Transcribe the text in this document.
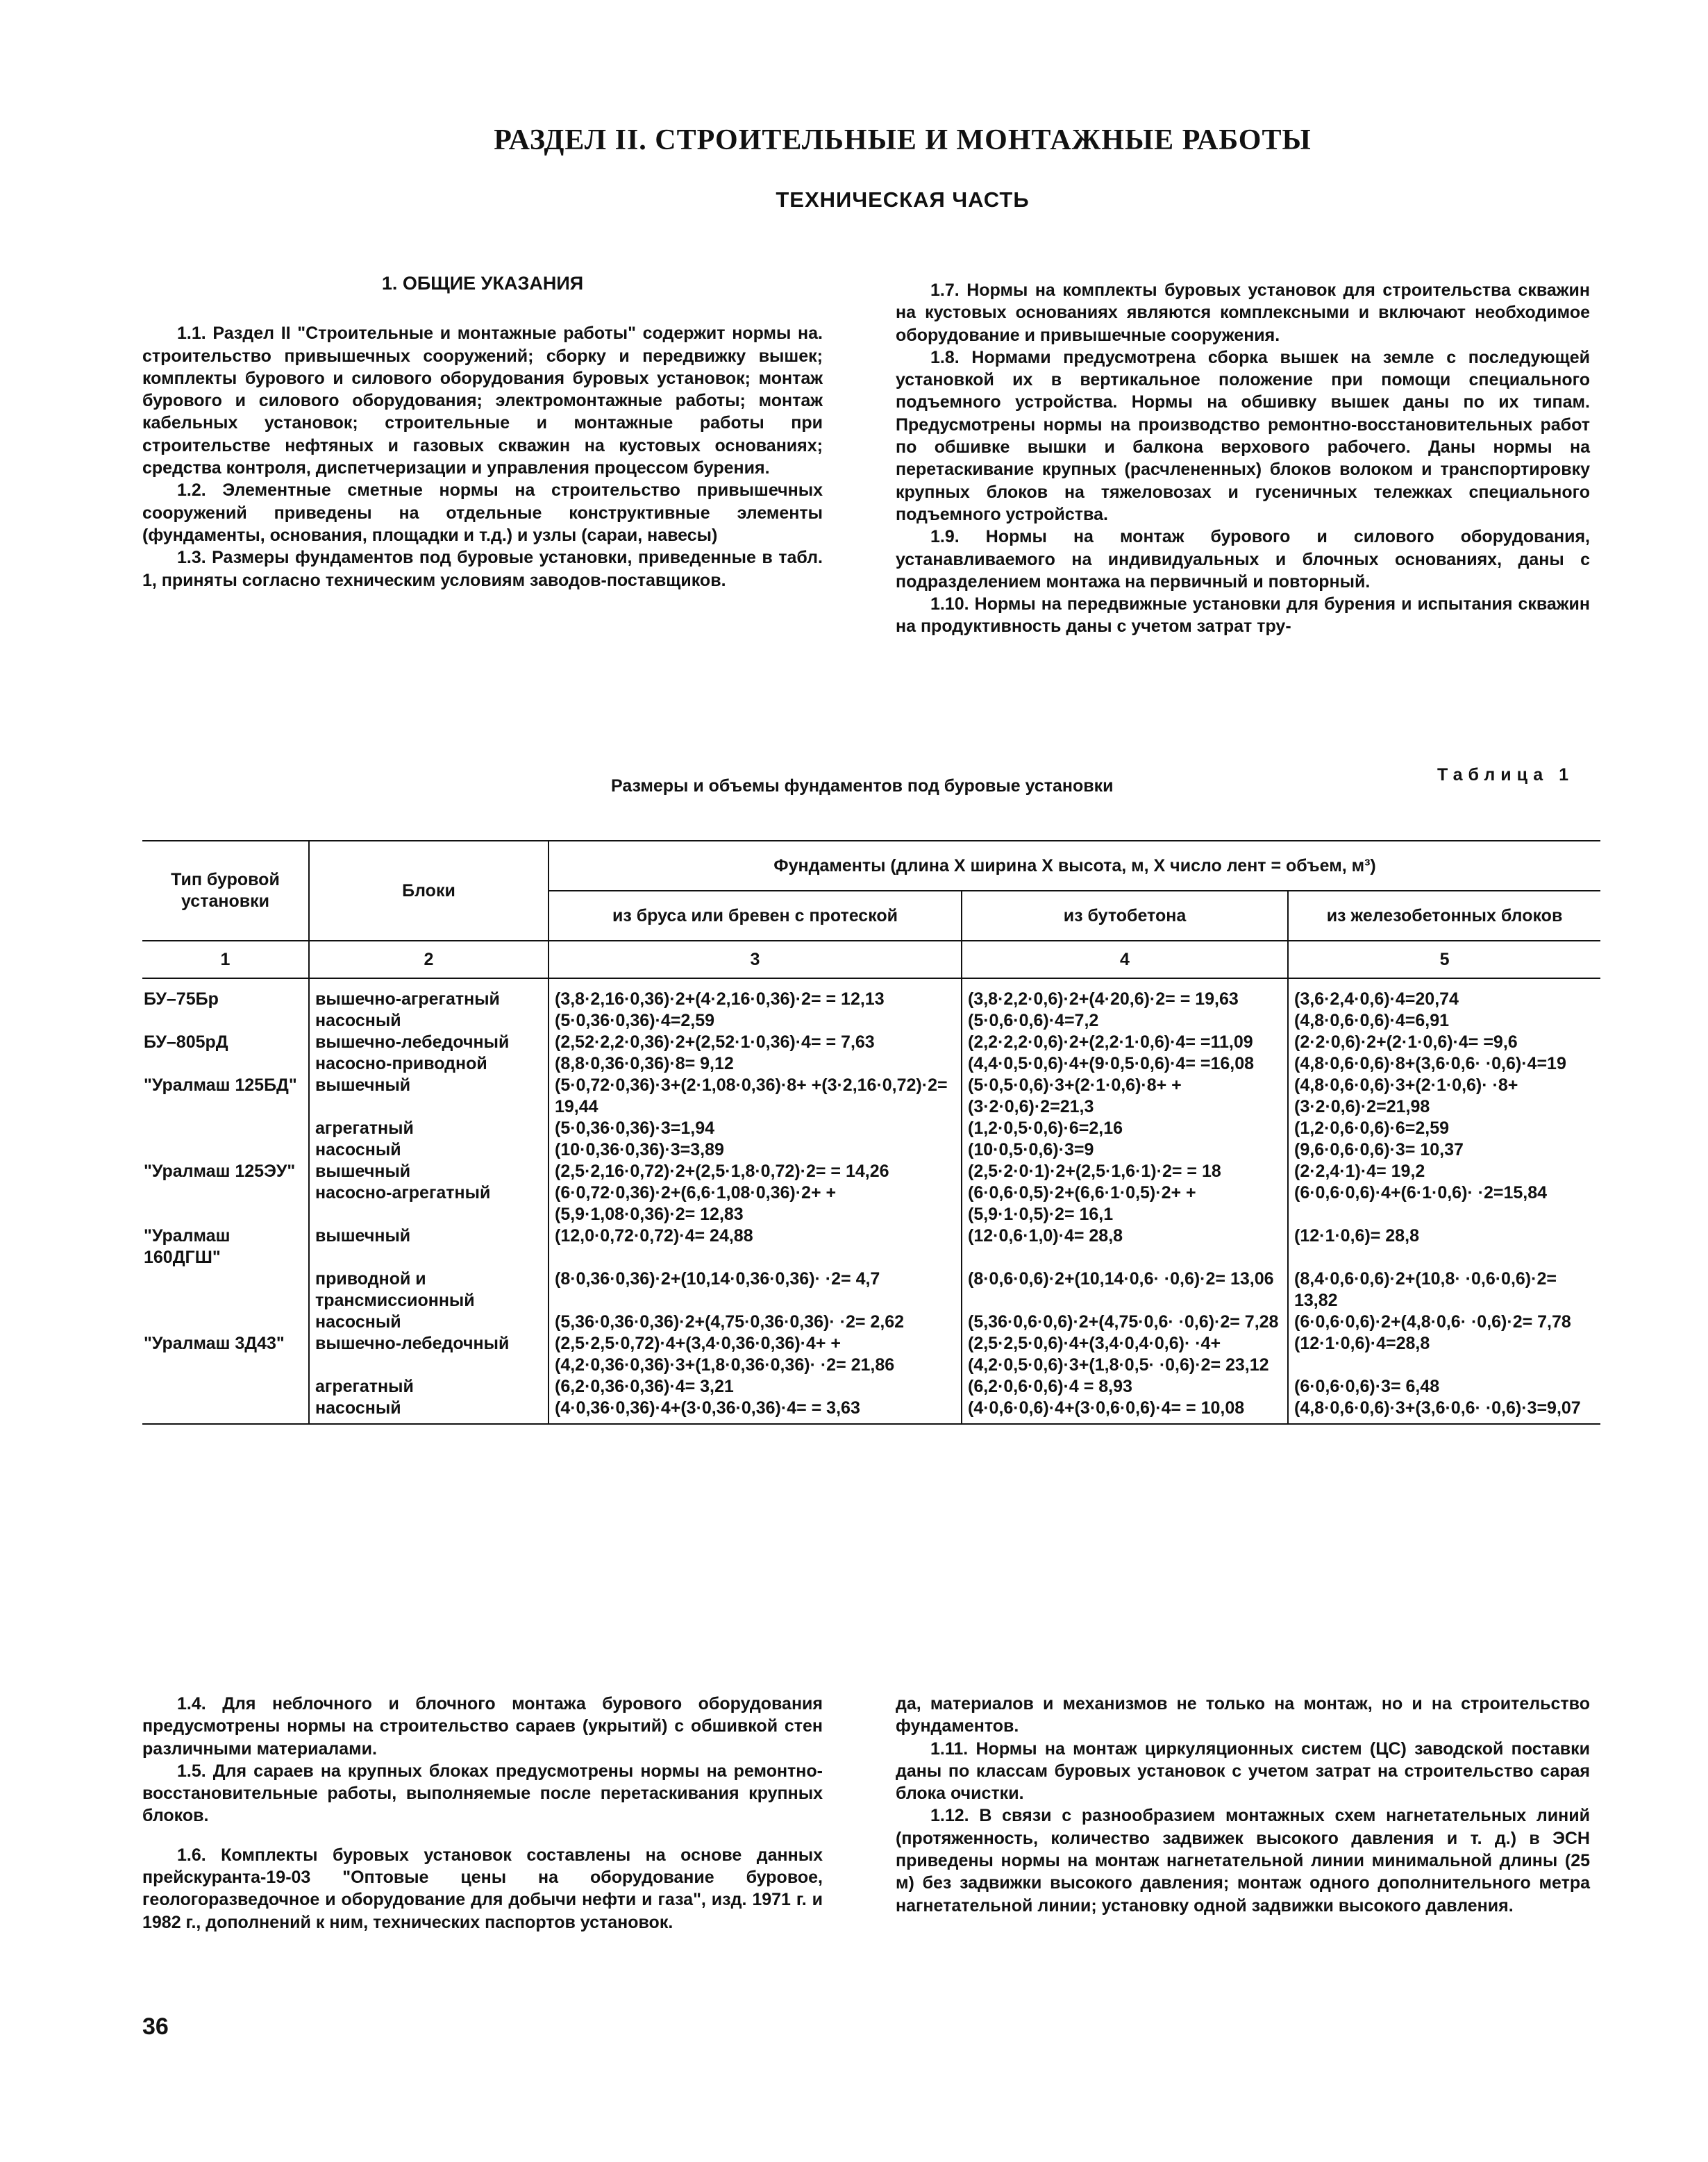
РАЗДЕЛ II. СТРОИТЕЛЬНЫЕ И МОНТАЖНЫЕ РАБОТЫ
ТЕХНИЧЕСКАЯ ЧАСТЬ

1. ОБЩИЕ УКАЗАНИЯ

1.1. Раздел II "Строительные и монтажные работы" содержит нормы на. строительство привышечных сооружений; сборку и передвижку вышек; комплекты бурового и силового оборудования буровых установок; монтаж бурового и силового оборудования; электромонтажные работы; монтаж кабельных установок; строительные и монтажные работы при строительстве нефтяных и газовых скважин на кустовых основаниях; средства контроля, диспетчеризации и управления процессом бурения.

1.2. Элементные сметные нормы на строительство привышечных сооружений приведены на отдельные конструктивные элементы (фундаменты, основания, площадки и т.д.) и узлы (сараи, навесы)

1.3. Размеры фундаментов под буровые установки, приведенные в табл. 1, приняты согласно техническим условиям заводов-поставщиков.

1.7. Нормы на комплекты буровых установок для строительства скважин на кустовых основаниях являются комплексными и включают необходимое оборудование и привышечные сооружения.

1.8. Нормами предусмотрена сборка вышек на земле с последующей установкой их в вертикальное положение при помощи специального подъемного устройства. Нормы на обшивку вышек даны по их типам. Предусмотрены нормы на производство ремонтно-восстановительных работ по обшивке вышки и балкона верхового рабочего. Даны нормы на перетаскивание крупных (расчлененных) блоков волоком и транспортировку крупных блоков на тяжеловозах и гусеничных тележках специального подъемного устройства.

1.9. Нормы на монтаж бурового и силового оборудования, устанавливаемого на индивидуальных и блочных основаниях, даны с подразделением монтажа на первичный и повторный.

1.10. Нормы на передвижные установки для бурения и испытания скважин на продуктивность даны с учетом затрат тру-

Таблица 1
Размеры и объемы фундаментов под буровые установки
Тип буровой установки	Блоки	Фундаменты (длина X ширина X высота, м, X число лент = объем, м³)		
		из бруса или бревен с протеской	из бутобетона	из железобетонных блоков
1	2	3	4	5
БУ–75Бр	вышечно-агрегатный	(3,8·2,16·0,36)·2+(4·2,16·0,36)·2= = 12,13	(3,8·2,2·0,6)·2+(4·20,6)·2= = 19,63	(3,6·2,4·0,6)·4=20,74
	насосный	(5·0,36·0,36)·4=2,59	(5·0,6·0,6)·4=7,2	(4,8·0,6·0,6)·4=6,91
БУ–805рД	вышечно-лебедочный	(2,52·2,2·0,36)·2+(2,52·1·0,36)·4= = 7,63	(2,2·2,2·0,6)·2+(2,2·1·0,6)·4= =11,09	(2·2·0,6)·2+(2·1·0,6)·4= =9,6
	насосно-приводной	(8,8·0,36·0,36)·8= 9,12	(4,4·0,5·0,6)·4+(9·0,5·0,6)·4= =16,08	(4,8·0,6·0,6)·8+(3,6·0,6· ·0,6)·4=19
"Уралмаш 125БД"	вышечный	(5·0,72·0,36)·3+(2·1,08·0,36)·8+ +(3·2,16·0,72)·2= 19,44	(5·0,5·0,6)·3+(2·1·0,6)·8+ +(3·2·0,6)·2=21,3	(4,8·0,6·0,6)·3+(2·1·0,6)· ·8+(3·2·0,6)·2=21,98
	агрегатный	(5·0,36·0,36)·3=1,94	(1,2·0,5·0,6)·6=2,16	(1,2·0,6·0,6)·6=2,59
	насосный	(10·0,36·0,36)·3=3,89	(10·0,5·0,6)·3=9	(9,6·0,6·0,6)·3= 10,37
"Уралмаш 125ЭУ"	вышечный	(2,5·2,16·0,72)·2+(2,5·1,8·0,72)·2= = 14,26	(2,5·2·0·1)·2+(2,5·1,6·1)·2= = 18	(2·2,4·1)·4= 19,2
	насосно-агрегатный	(6·0,72·0,36)·2+(6,6·1,08·0,36)·2+ + (5,9·1,08·0,36)·2= 12,83	(6·0,6·0,5)·2+(6,6·1·0,5)·2+ +(5,9·1·0,5)·2= 16,1	(6·0,6·0,6)·4+(6·1·0,6)· ·2=15,84
"Уралмаш 160ДГШ"	вышечный	(12,0·0,72·0,72)·4= 24,88	(12·0,6·1,0)·4= 28,8	(12·1·0,6)= 28,8
	приводной и трансмиссионный	(8·0,36·0,36)·2+(10,14·0,36·0,36)· ·2= 4,7	(8·0,6·0,6)·2+(10,14·0,6· ·0,6)·2= 13,06	(8,4·0,6·0,6)·2+(10,8· ·0,6·0,6)·2= 13,82
	насосный	(5,36·0,36·0,36)·2+(4,75·0,36·0,36)· ·2= 2,62	(5,36·0,6·0,6)·2+(4,75·0,6· ·0,6)·2= 7,28	(6·0,6·0,6)·2+(4,8·0,6· ·0,6)·2= 7,78
"Уралмаш 3Д43"	вышечно-лебедочный	(2,5·2,5·0,72)·4+(3,4·0,36·0,36)·4+ +(4,2·0,36·0,36)·3+(1,8·0,36·0,36)· ·2= 21,86	(2,5·2,5·0,6)·4+(3,4·0,4·0,6)· ·4+(4,2·0,5·0,6)·3+(1,8·0,5· ·0,6)·2= 23,12	(12·1·0,6)·4=28,8
	агрегатный	(6,2·0,36·0,36)·4= 3,21	(6,2·0,6·0,6)·4 = 8,93	(6·0,6·0,6)·3= 6,48
	насосный	(4·0,36·0,36)·4+(3·0,36·0,36)·4= = 3,63	(4·0,6·0,6)·4+(3·0,6·0,6)·4= = 10,08	(4,8·0,6·0,6)·3+(3,6·0,6· ·0,6)·3=9,07

1.4. Для неблочного и блочного монтажа бурового оборудования предусмотрены нормы на строительство сараев (укрытий) с обшивкой стен различными материалами.

1.5. Для сараев на крупных блоках предусмотрены нормы на ремонтно-восстановительные работы, выполняемые после перетаскивания крупных блоков.

1.6. Комплекты буровых установок составлены на основе данных прейскуранта-19-03 "Оптовые цены на оборудование буровое, геологоразведочное и оборудование для добычи нефти и газа", изд. 1971 г. и 1982 г., дополнений к ним, технических паспортов установок.

да, материалов и механизмов не только на монтаж, но и на строительство фундаментов.

1.11. Нормы на монтаж циркуляционных систем (ЦС) заводской поставки даны по классам буровых установок с учетом затрат на строительство сарая блока очистки.

1.12. В связи с разнообразием монтажных схем нагнетательных линий (протяженность, количество задвижек высокого давления и т. д.) в ЭСН приведены нормы на монтаж нагнетательной линии минимальной длины (25 м) без задвижки высокого давления; монтаж одного дополнительного метра нагнетательной линии; установку одной задвижки высокого давления.

36
